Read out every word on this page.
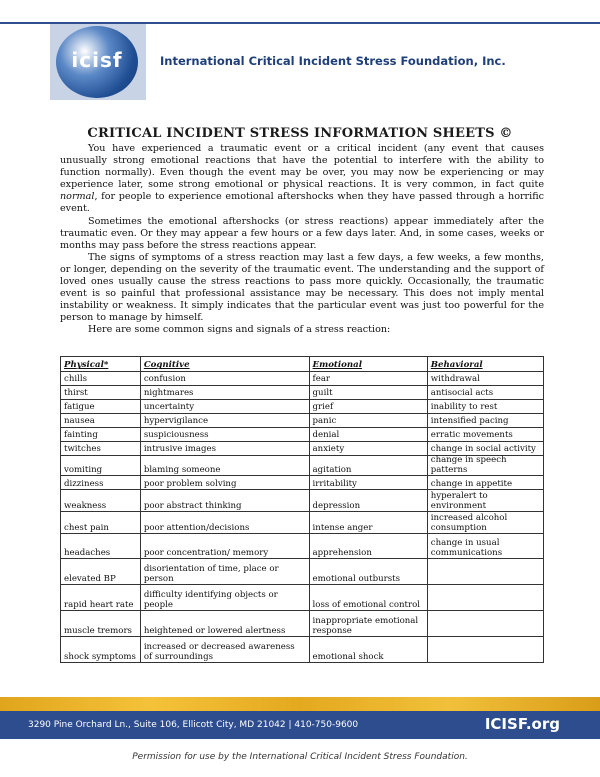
icisf	International Critical Incident Stress Foundation, Inc.
CRITICAL INCIDENT STRESS INFORMATION SHEETS ©

You have experienced a traumatic event or a critical incident (any event that causes unusually strong emotional reactions that have the potential to interfere with the ability to function normally). Even though the event may be over, you may now be experiencing or may experience later, some strong emotional or physical reactions. It is very common, in fact quite normal, for people to experience emotional aftershocks when they have passed through a horrific event.

Sometimes the emotional aftershocks (or stress reactions) appear immediately after the traumatic even. Or they may appear a few hours or a few days later. And, in some cases, weeks or months may pass before the stress reactions appear.

The signs of symptoms of a stress reaction may last a few days, a few weeks, a few months, or longer, depending on the severity of the traumatic event. The understanding and the support of loved ones usually cause the stress reactions to pass more quickly. Occasionally, the traumatic event is so painful that professional assistance may be necessary. This does not imply mental instability or weakness. It simply indicates that the particular event was just too powerful for the person to manage by himself.

Here are some common signs and signals of a stress reaction:

Physical*	Cognitive	Emotional	Behavioral
chills	confusion	fear	withdrawal
thirst	nightmares	guilt	antisocial acts
fatigue	uncertainty	grief	inability to rest
nausea	hypervigilance	panic	intensified pacing
fainting	suspiciousness	denial	erratic movements
twitches	intrusive images	anxiety	change in social activity
vomiting	blaming someone	agitation	change in speech patterns
dizziness	poor problem solving	irritability	change in appetite
weakness	poor abstract thinking	depression	hyperalert to environment
chest pain	poor attention/decisions	intense anger	increased alcohol consumption
headaches	poor concentration/ memory	apprehension	change in usual communications
elevated BP	disorientation of time, place or person	emotional outbursts	
rapid heart rate	difficulty identifying objects or people	loss of emotional control	
muscle tremors	heightened or lowered alertness	inappropriate emotional response	
shock symptoms	increased or decreased awareness of surroundings	emotional shock	
3290 Pine Orchard Ln., Suite 106, Ellicott City, MD 21042 | 410-750-9600	ICISF.org
Permission for use by the International Critical Incident Stress Foundation.
